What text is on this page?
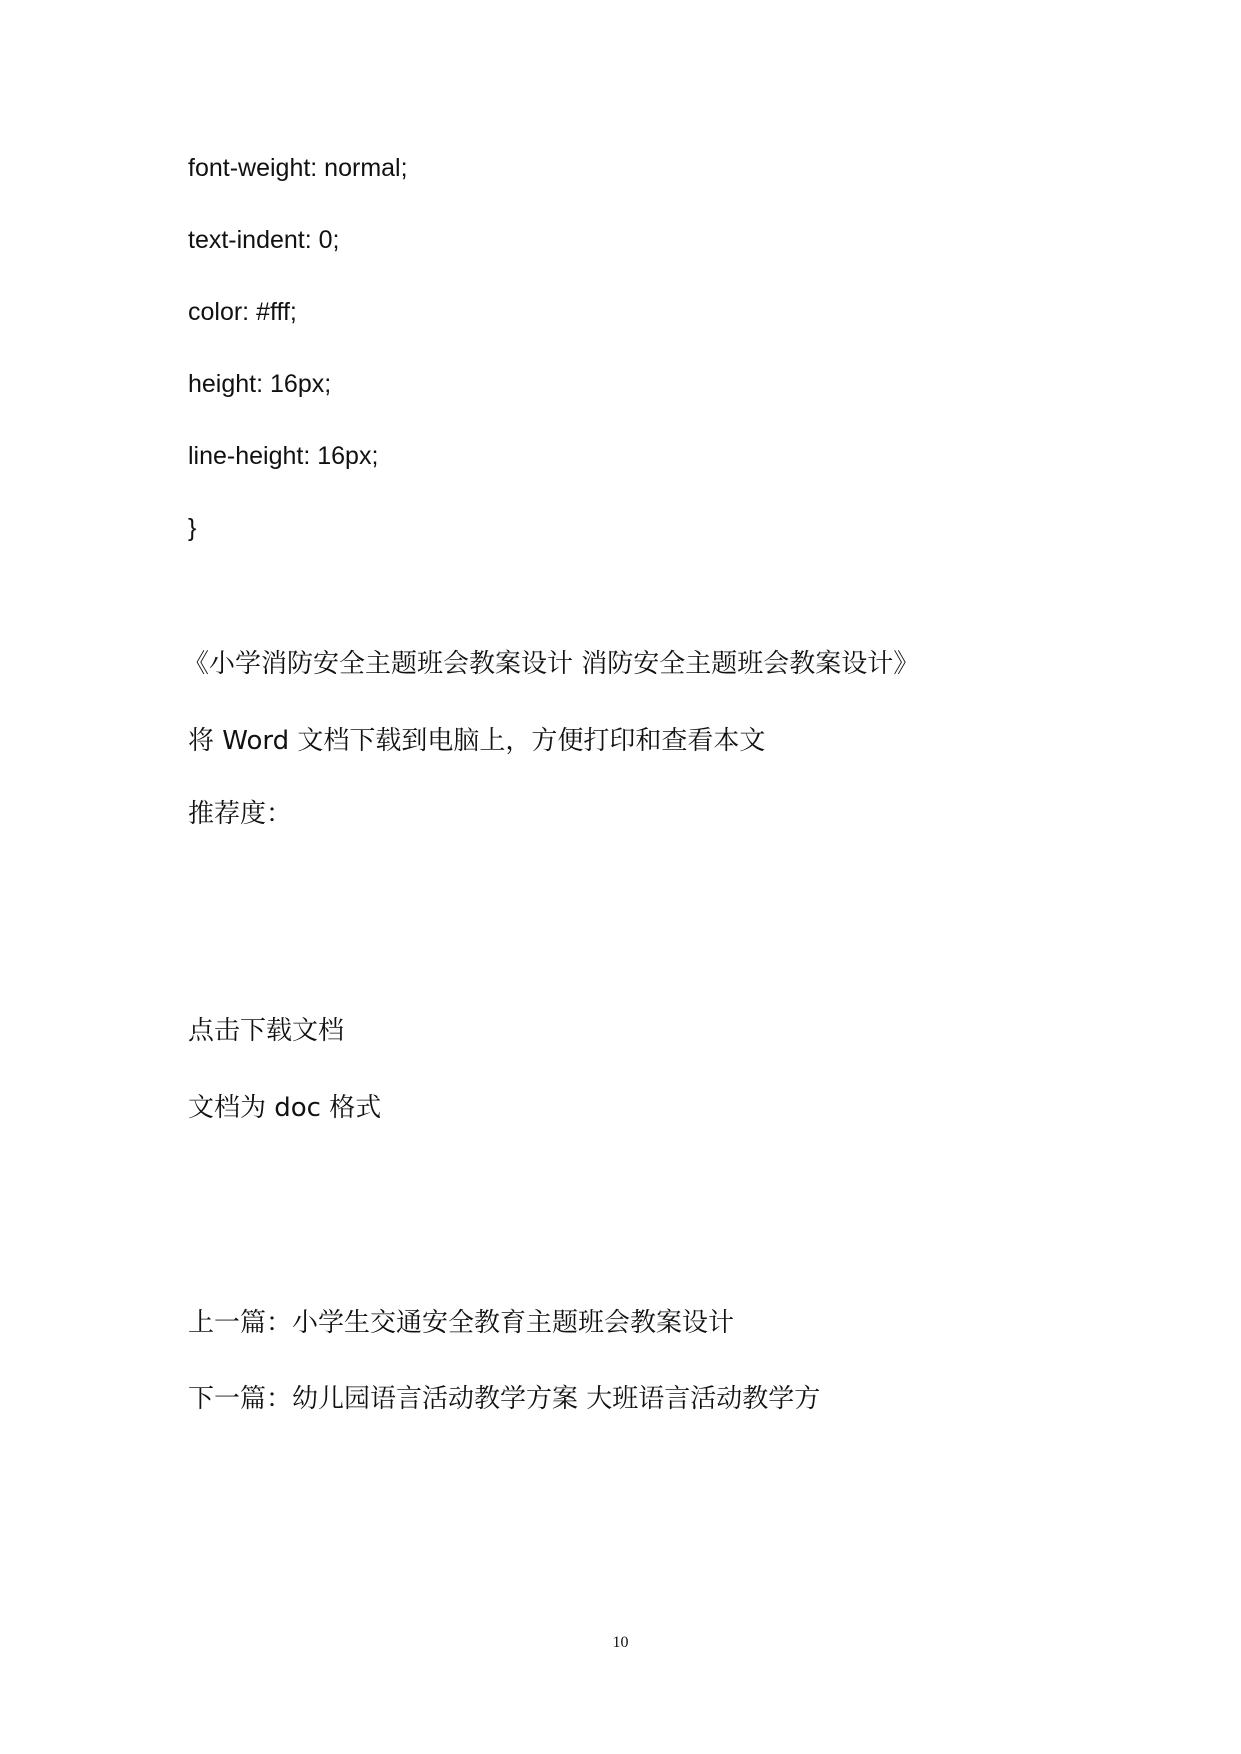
font-weight: normal;
text-indent: 0;
color: #fff;
height: 16px;
line-height: 16px;
}
《小学消防安全主题班会教案设计 消防安全主题班会教案设计》
将 Word 文档下载到电脑上，方便打印和查看本文
推荐度：
点击下载文档
文档为 doc 格式
上一篇：小学生交通安全教育主题班会教案设计
下一篇：幼儿园语言活动教学方案 大班语言活动教学方
10
